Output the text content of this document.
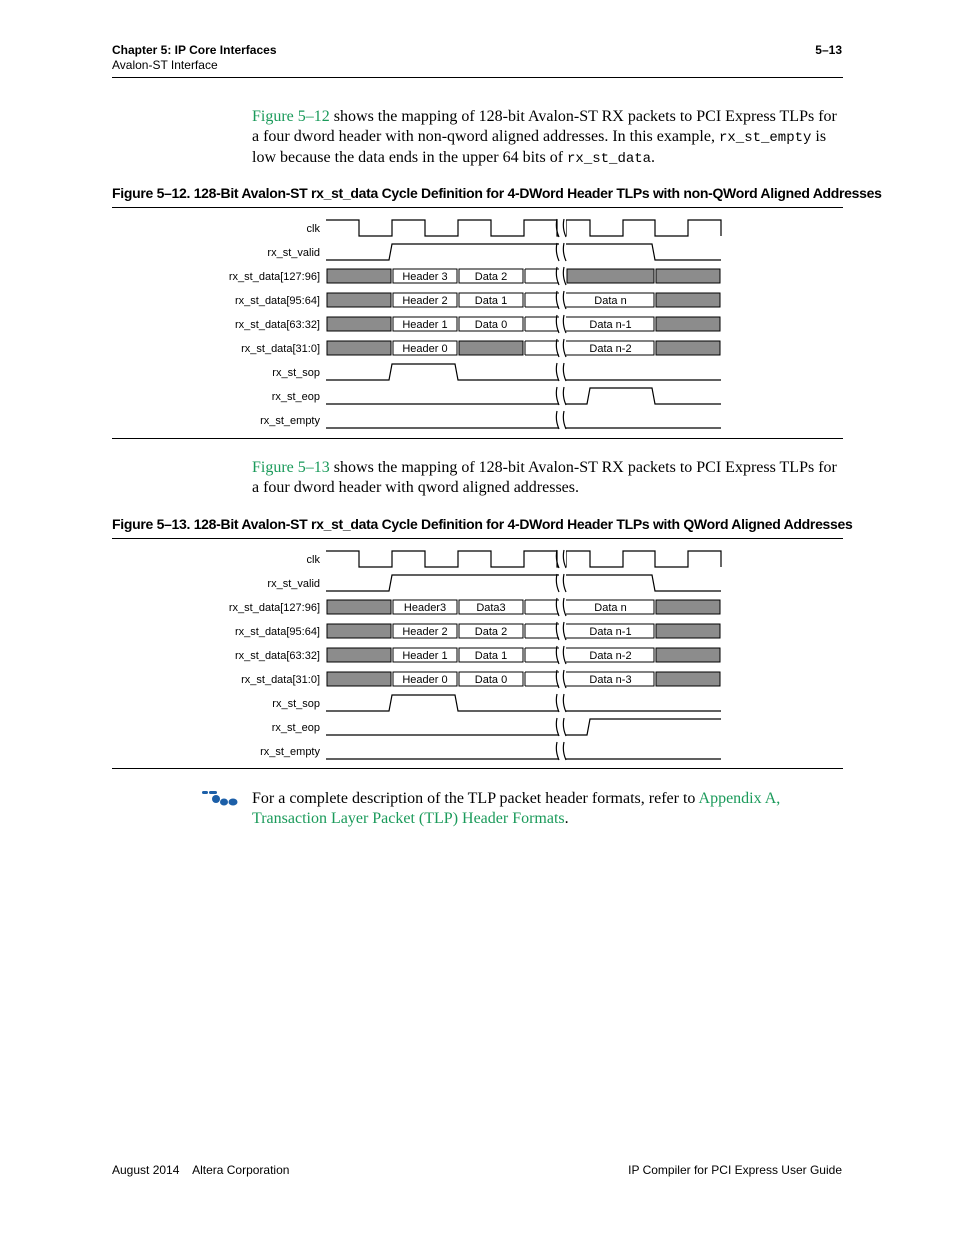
Chapter 5: IP Core Interfaces
Avalon-ST Interface
5–13
Figure 5–12 shows the mapping of 128-bit Avalon-ST RX packets to PCI Express TLPs for a four dword header with non-qword aligned addresses. In this example, rx_st_empty is low because the data ends in the upper 64 bits of rx_st_data.
Figure 5–12. 128-Bit Avalon-ST rx_st_data Cycle Definition for 4-DWord Header TLPs with non-QWord Aligned Addresses
clk
rx_st_valid
rx_st_data[127:96]
rx_st_data[95:64]
rx_st_data[63:32]
rx_st_data[31:0]
rx_st_sop
rx_st_eop
rx_st_empty
Header 3 Data 2
Header 2 Data 1	Data n
Header 1 Data 0	Data n-1
Header 0	Data n-2
Figure 5–13 shows the mapping of 128-bit Avalon-ST RX packets to PCI Express TLPs for a four dword header with qword aligned addresses.
Figure 5–13. 128-Bit Avalon-ST rx_st_data Cycle Definition for 4-DWord Header TLPs with QWord Aligned Addresses
clk
rx_st_valid
rx_st_data[127:96]
rx_st_data[95:64]
rx_st_data[63:32]
rx_st_data[31:0]
rx_st_sop
rx_st_eop
rx_st_empty
Header3	Data3	Data n
Header 2 Data 2	Data n-1
Header 1 Data 1	Data n-2
Header 0 Data 0	Data n-3
For a complete description of the TLP packet header formats, refer to Appendix A, Transaction Layer Packet (TLP) Header Formats.
August 2014    Altera Corporation	IP Compiler for PCI Express User Guide
